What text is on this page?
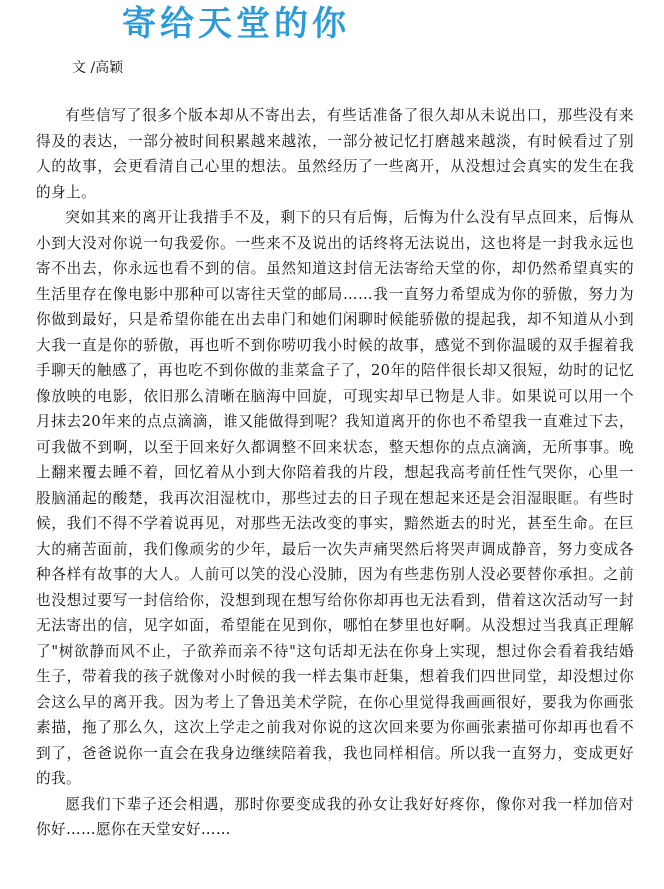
寄给天堂的你
文 /高颖

有些信写了很多个版本却从不寄出去，有些话准备了很久却从未说出口，那些没有来得及的表达，一部分被时间积累越来越浓，一部分被记忆打磨越来越淡，有时候看过了别人的故事，会更看清自己心里的想法。虽然经历了一些离开，从没想过会真实的发生在我的身上。

突如其来的离开让我措手不及，剩下的只有后悔，后悔为什么没有早点回来，后悔从小到大没对你说一句我爱你。一些来不及说出的话终将无法说出，这也将是一封我永远也寄不出去，你永远也看不到的信。虽然知道这封信无法寄给天堂的你，却仍然希望真实的生活里存在像电影中那种可以寄往天堂的邮局……我一直努力希望成为你的骄傲，努力为你做到最好，只是希望你能在出去串门和她们闲聊时候能骄傲的提起我，却不知道从小到大我一直是你的骄傲，再也听不到你唠叨我小时候的故事，感觉不到你温暖的双手握着我手聊天的触感了，再也吃不到你做的韭菜盒子了，20年的陪伴很长却又很短，幼时的记忆像放映的电影，依旧那么清晰在脑海中回旋，可现实却早已物是人非。如果说可以用一个月抹去20年来的点点滴滴，谁又能做得到呢？我知道离开的你也不希望我一直难过下去，可我做不到啊，以至于回来好久都调整不回来状态，整天想你的点点滴滴，无所事事。晚上翻来覆去睡不着，回忆着从小到大你陪着我的片段，想起我高考前任性气哭你，心里一股脑涌起的酸楚，我再次泪湿枕巾，那些过去的日子现在想起来还是会泪湿眼眶。有些时候，我们不得不学着说再见，对那些无法改变的事实，黯然逝去的时光，甚至生命。在巨大的痛苦面前，我们像顽劣的少年，最后一次失声痛哭然后将哭声调成静音，努力变成各种各样有故事的大人。人前可以笑的没心没肺，因为有些悲伤别人没必要替你承担。之前也没想过要写一封信给你，没想到现在想写给你你却再也无法看到，借着这次活动写一封无法寄出的信，见字如面，希望能在见到你，哪怕在梦里也好啊。从没想过当我真正理解了"树欲静而风不止，子欲养而亲不待"这句话却无法在你身上实现，想过你会看着我结婚生子，带着我的孩子就像对小时候的我一样去集市赶集，想着我们四世同堂，却没想过你会这么早的离开我。因为考上了鲁迅美术学院，在你心里觉得我画画很好，要我为你画张素描，拖了那么久，这次上学走之前我对你说的这次回来要为你画张素描可你却再也看不到了，爸爸说你一直会在我身边继续陪着我，我也同样相信。所以我一直努力，变成更好的我。

愿我们下辈子还会相遇，那时你要变成我的孙女让我好好疼你，像你对我一样加倍对你好……愿你在天堂安好……
